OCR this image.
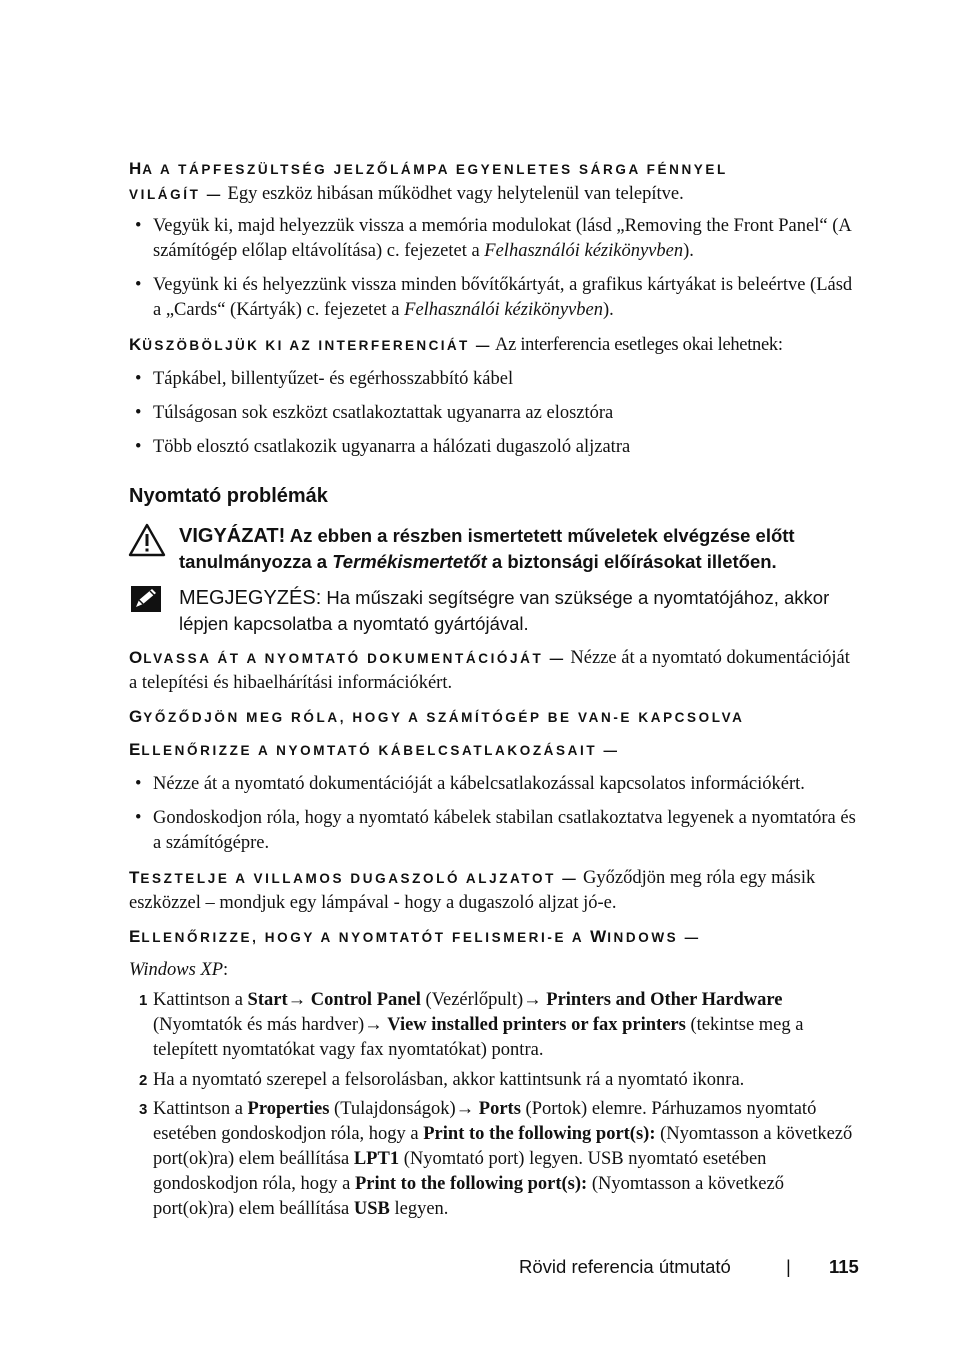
HA A TÁPFESZÜLTSÉG JELZŐLÁMPA EGYENLETES SÁRGA FÉNNYEL
VILÁGÍT — Egy eszköz hibásan működhet vagy helytelenül van telepítve.
• Vegyük ki, majd helyezzük vissza a memória modulokat (lásd „Removing the Front Panel“ (A számítógép előlap eltávolítása) c. fejezetet a Felhasználói kézikönyvben).
• Vegyünk ki és helyezzünk vissza minden bővítőkártyát, a grafikus kártyákat is beleértve (Lásd a „Cards“ (Kártyák) c. fejezetet a Felhasználói kézikönyvben).
KÜSZÖBÖLJÜK KI AZ INTERFERENCIÁT — Az interferencia esetleges okai lehetnek:
• Tápkábel, billentyűzet- és egérhosszabbító kábel
• Túlságosan sok eszközt csatlakoztattak ugyanarra az elosztóra
• Több elosztó csatlakozik ugyanarra a hálózati dugaszoló aljzatra
Nyomtató problémák
VIGYÁZAT! Az ebben a részben ismertetett műveletek elvégzése előtt tanulmányozza a Termékismertetőt a biztonsági előírásokat illetően.
MEGJEGYZÉS: Ha műszaki segítségre van szüksége a nyomtatójához, akkor lépjen kapcsolatba a nyomtató gyártójával.
OLVASSA ÁT A NYOMTATÓ DOKUMENTÁCIÓJÁT — Nézze át a nyomtató dokumentációját a telepítési és hibaelhárítási információkért.
GYŐZŐDJÖN MEG RÓLA, HOGY A SZÁMÍTÓGÉP BE VAN-E KAPCSOLVA
ELLENŐRIZZE A NYOMTATÓ KÁBELCSATLAKOZÁSAIT —
• Nézze át a nyomtató dokumentációját a kábelcsatlakozással kapcsolatos információkért.
• Gondoskodjon róla, hogy a nyomtató kábelek stabilan csatlakoztatva legyenek a nyomtatóra és a számítógépre.
TESZTELJE A VILLAMOS DUGASZOLÓ ALJZATOT — Győződjön meg róla egy másik eszközzel – mondjuk egy lámpával - hogy a dugaszoló aljzat jó-e.
ELLENŐRIZZE, HOGY A NYOMTATÓT FELISMERI-E A WINDOWS —
Windows XP:
1 Kattintson a Start→ Control Panel (Vezérlőpult)→ Printers and Other Hardware (Nyomtatók és más hardver)→ View installed printers or fax printers (tekintse meg a telepített nyomtatókat vagy fax nyomtatókat) pontra.
2 Ha a nyomtató szerepel a felsorolásban, akkor kattintsunk rá a nyomtató ikonra.
3 Kattintson a Properties (Tulajdonságok)→ Ports (Portok) elemre. Párhuzamos nyomtató esetében gondoskodjon róla, hogy a Print to the following port(s): (Nyomtasson a következő port(ok)ra) elem beállítása LPT1 (Nyomtató port) legyen. USB nyomtató esetében gondoskodjon róla, hogy a Print to the following port(s): (Nyomtasson a következő port(ok)ra) elem beállítása USB legyen.
Rövid referencia útmutató	| 115
